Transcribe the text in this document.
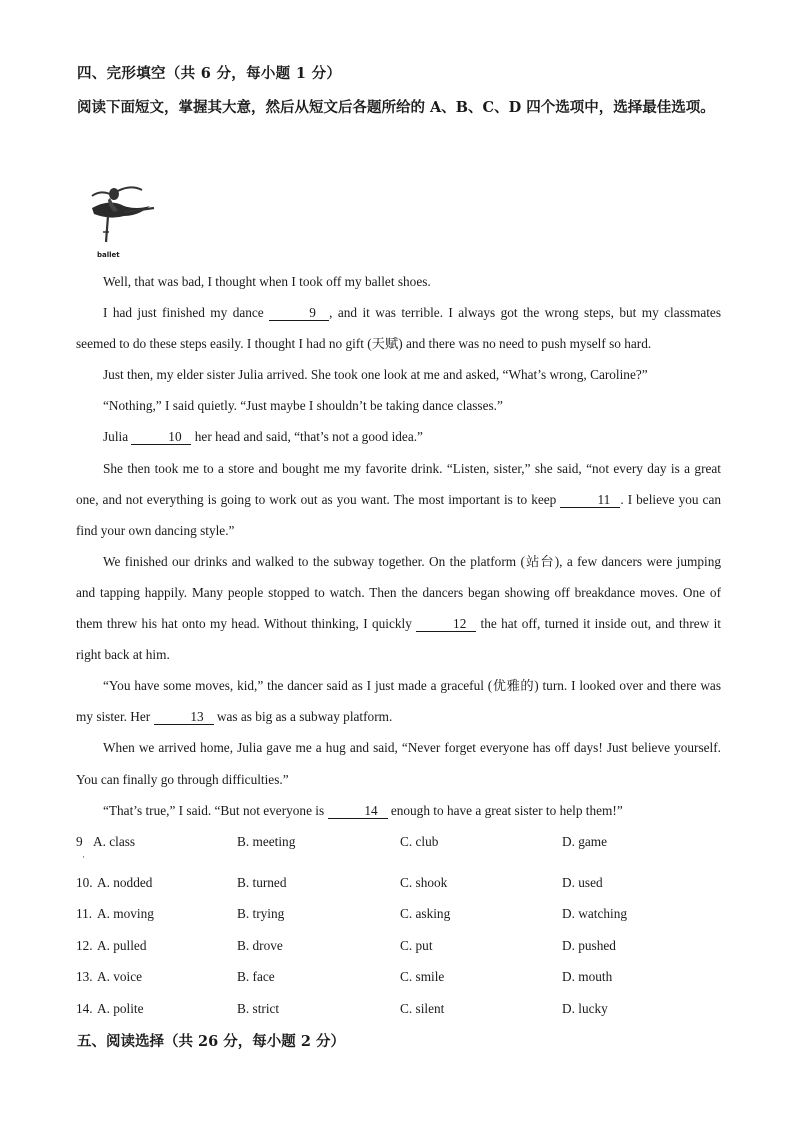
四、完形填空（共 6 分，每小题 1 分）
阅读下面短文，掌握其大意，然后从短文后各题所给的 A、B、C、D 四个选项中，选择最佳选项。
ballet

Well, that was bad, I thought when I took off my ballet shoes.

I had just finished my dance	9 , and it was terrible. I always got the wrong steps, but my classmates seemed to do these steps easily. I thought I had no gift (天赋) and there was no need to push myself so hard.

Just then, my elder sister Julia arrived. She took one look at me and asked, “What’s wrong, Caroline?”

“Nothing,” I said quietly. “Just maybe I shouldn’t be taking dance classes.”

Julia	10 her head and said, “that’s not a good idea.”

She then took me to a store and bought me my favorite drink. “Listen, sister,” she said, “not every day is a great one, and not everything is going to work out as you want. The most important is to keep	11 . I believe you can find your own dancing style.”

We finished our drinks and walked to the subway together. On the platform (站台), a few dancers were jumping and tapping happily. Many people stopped to watch. Then the dancers began showing off breakdance moves. One of them threw his hat onto my head. Without thinking, I quickly	12 the hat off, turned it inside out, and threw it right back at him.

“You have some moves, kid,” the dancer said as I just made a graceful (优雅的) turn. I looked over and there was my sister. Her	13 was as big as a subway platform.

When we arrived home, Julia gave me a hug and said, “Never forget everyone has off days! Just believe yourself. You can finally go through difficulties.”

“That’s true,” I said. “But not everyone is	14 enough to have a great sister to help them!”

9
·
A. class	B. meeting	C. club	D. game
10. A. nodded	B. turned	C. shook	D. used
11. A. moving	B. trying	C. asking	D. watching
12. A. pulled	B. drove	C. put	D. pushed
13. A. voice	B. face	C. smile	D. mouth
14. A. polite	B. strict	C. silent	D. lucky
五、阅读选择（共 26 分，每小题 2 分）
